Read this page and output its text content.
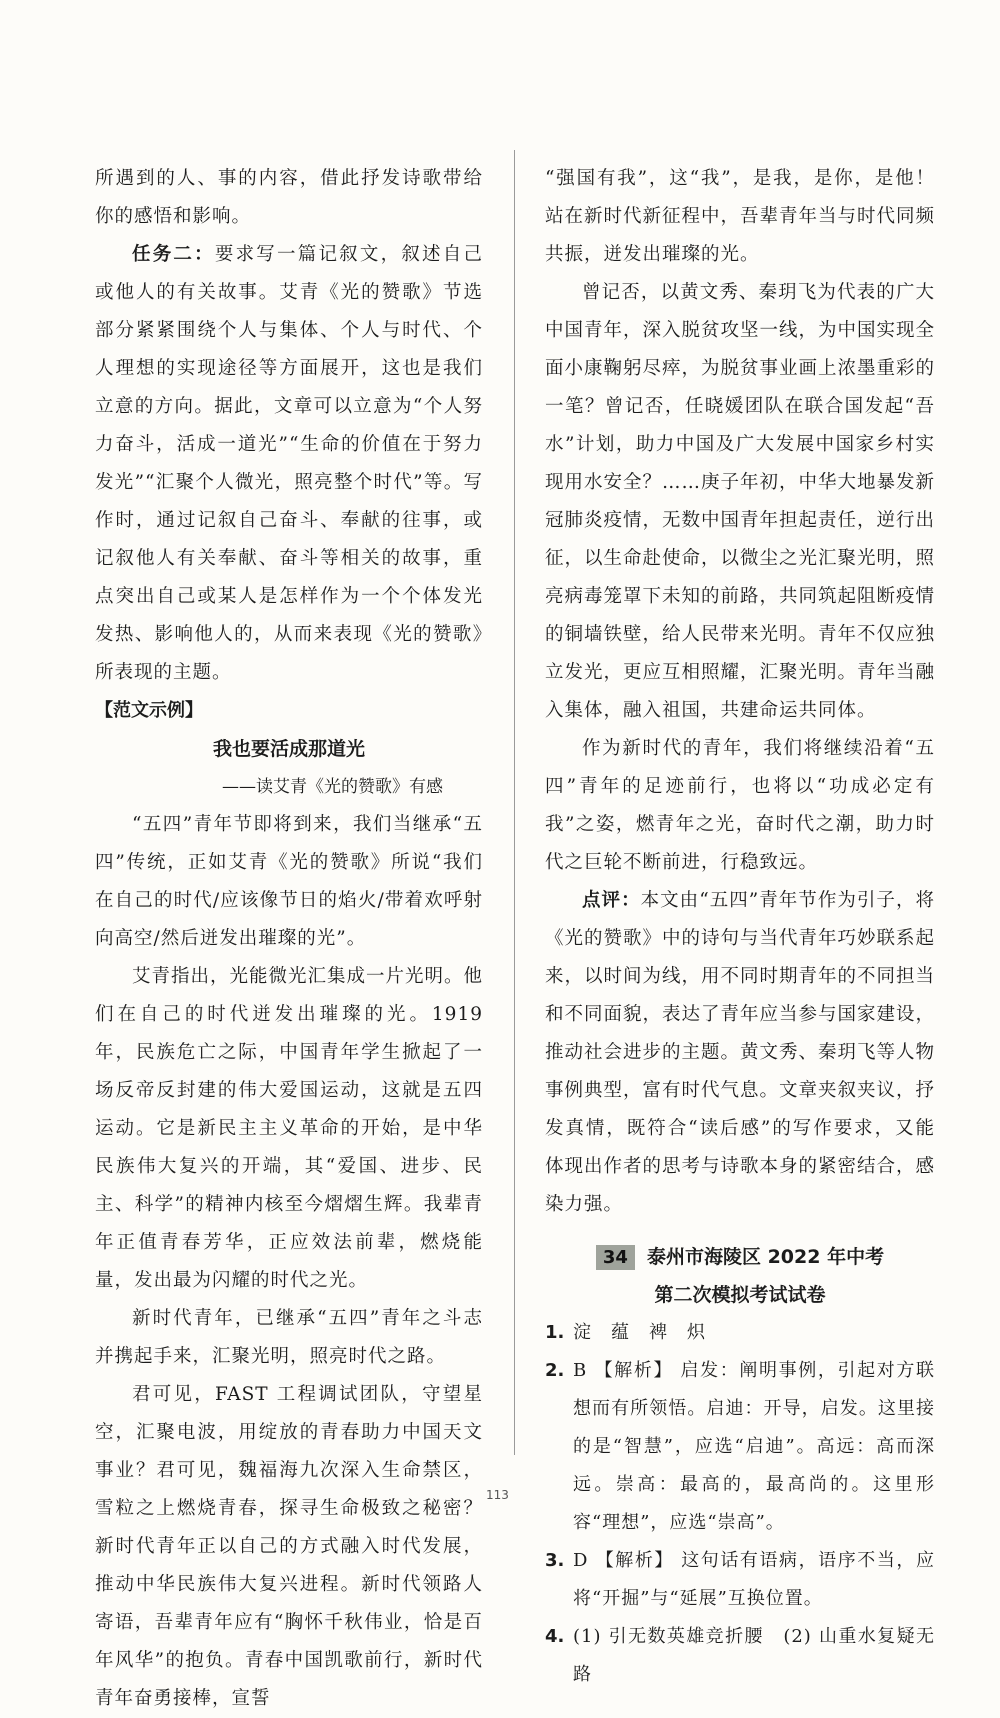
所遇到的人、事的内容，借此抒发诗歌带给你的感悟和影响。

任务二：要求写一篇记叙文，叙述自己或他人的有关故事。艾青《光的赞歌》节选部分紧紧围绕个人与集体、个人与时代、个人理想的实现途径等方面展开，这也是我们立意的方向。据此，文章可以立意为“个人努力奋斗，活成一道光”“生命的价值在于努力发光”“汇聚个人微光，照亮整个时代”等。写作时，通过记叙自己奋斗、奉献的往事，或记叙他人有关奉献、奋斗等相关的故事，重点突出自己或某人是怎样作为一个个体发光发热、影响他人的，从而来表现《光的赞歌》所表现的主题。

【范文示例】

我也要活成那道光

——读艾青《光的赞歌》有感

“五四”青年节即将到来，我们当继承“五四”传统，正如艾青《光的赞歌》所说“我们在自己的时代/应该像节日的焰火/带着欢呼射向高空/然后迸发出璀璨的光”。

艾青指出，光能微光汇集成一片光明。他们在自己的时代迸发出璀璨的光。1919 年，民族危亡之际，中国青年学生掀起了一场反帝反封建的伟大爱国运动，这就是五四运动。它是新民主主义革命的开始，是中华民族伟大复兴的开端，其“爱国、进步、民主、科学”的精神内核至今熠熠生辉。我辈青年正值青春芳华，正应效法前辈，燃烧能量，发出最为闪耀的时代之光。

新时代青年，已继承“五四”青年之斗志并携起手来，汇聚光明，照亮时代之路。

君可见，FAST 工程调试团队，守望星空，汇聚电波，用绽放的青春助力中国天文事业？君可见，魏福海九次深入生命禁区，雪粒之上燃烧青春，探寻生命极致之秘密？新时代青年正以自己的方式融入时代发展，推动中华民族伟大复兴进程。新时代领路人寄语，吾辈青年应有“胸怀千秋伟业，恰是百年风华”的抱负。青春中国凯歌前行，新时代青年奋勇接棒，宣誓

“强国有我”，这“我”，是我，是你，是他！站在新时代新征程中，吾辈青年当与时代同频共振，迸发出璀璨的光。

曾记否，以黄文秀、秦玥飞为代表的广大中国青年，深入脱贫攻坚一线，为中国实现全面小康鞠躬尽瘁，为脱贫事业画上浓墨重彩的一笔？曾记否，任晓媛团队在联合国发起“吾水”计划，助力中国及广大发展中国家乡村实现用水安全？……庚子年初，中华大地暴发新冠肺炎疫情，无数中国青年担起责任，逆行出征，以生命赴使命，以微尘之光汇聚光明，照亮病毒笼罩下未知的前路，共同筑起阻断疫情的铜墙铁壁，给人民带来光明。青年不仅应独立发光，更应互相照耀，汇聚光明。青年当融入集体，融入祖国，共建命运共同体。

作为新时代的青年，我们将继续沿着“五四”青年的足迹前行，也将以“功成必定有我”之姿，燃青年之光，奋时代之潮，助力时代之巨轮不断前进，行稳致远。

点评：本文由“五四”青年节作为引子，将《光的赞歌》中的诗句与当代青年巧妙联系起来，以时间为线，用不同时期青年的不同担当和不同面貌，表达了青年应当参与国家建设，推动社会进步的主题。黄文秀、秦玥飞等人物事例典型，富有时代气息。文章夹叙夹议，抒发真情，既符合“读后感”的写作要求，又能体现出作者的思考与诗歌本身的紧密结合，感染力强。

34	泰州市海陵区 2022 年中考

第二次模拟考试试卷

1. 淀　蕴　裨　炽
2. B 【解析】 启发：阐明事例，引起对方联想而有所领悟。启迪：开导，启发。这里接的是“智慧”，应选“启迪”。高远：高而深远。崇高：最高的，最高尚的。这里形容“理想”，应选“崇高”。
3. D 【解析】 这句话有语病，语序不当，应将“开掘”与“延展”互换位置。
4. (1) 引无数英雄竞折腰　(2) 山重水复疑无路
113
